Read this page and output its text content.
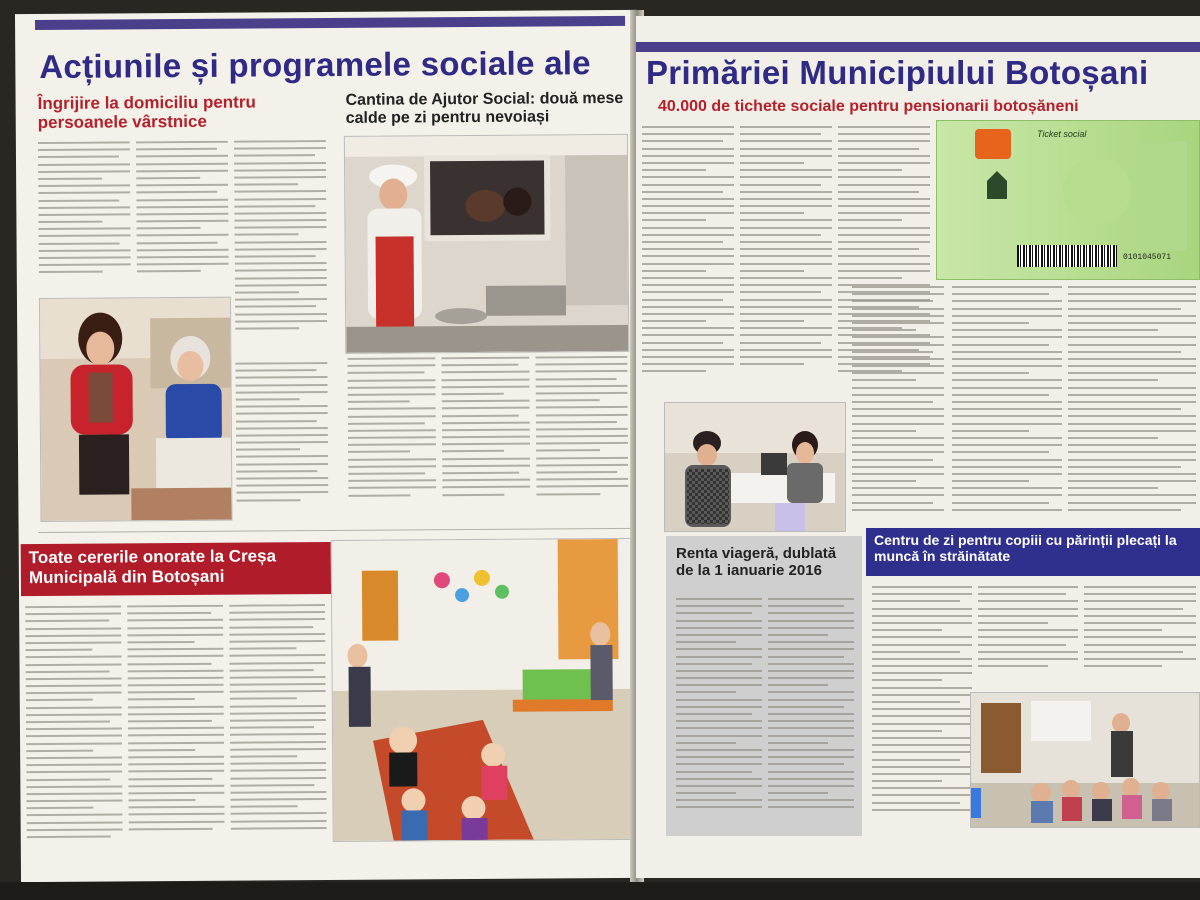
Acțiunile și programele sociale ale
Îngrijire la domiciliu pentru persoanele vârstnice
Cantina de Ajutor Social: două mese calde pe zi pentru nevoiași
Toate cererile onorate la Creșa Municipală din Botoșani
Primăriei Municipiului Botoșani
40.000 de tichete sociale pentru pensionarii botoșăneni
Ticket social
0101045071
Renta viageră, dublată de la 1 ianuarie 2016
Centru de zi pentru copiii cu părinții plecați la muncă în străinătate
